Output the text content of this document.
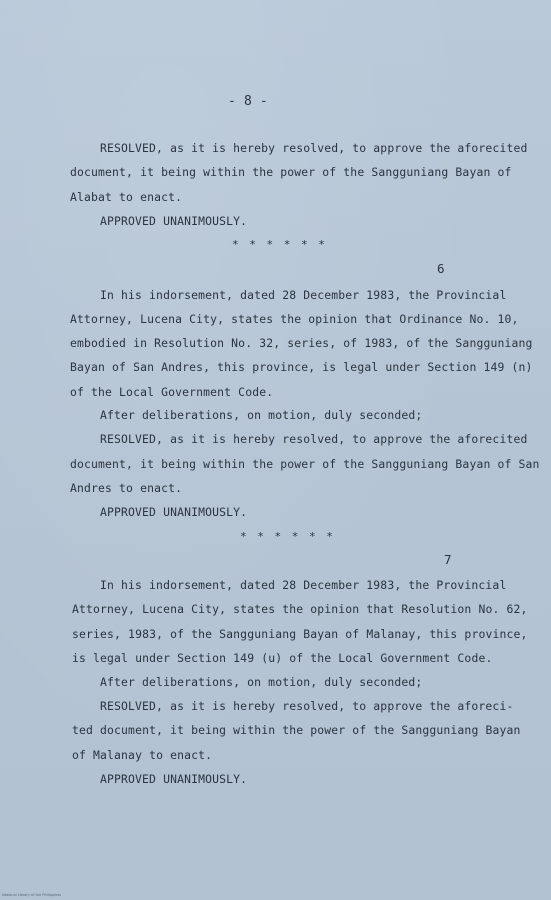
- 8 -
RESOLVED, as it is hereby resolved, to approve the aforecited
document, it being within the power of the Sangguniang Bayan of
Alabat to enact.
APPROVED UNANIMOUSLY.
* * * * * *
6
In his indorsement, dated 28 December 1983, the Provincial
Attorney, Lucena City, states the opinion that Ordinance No. 10,
embodied in Resolution No. 32, series, of 1983, of the Sangguniang
Bayan of San Andres, this province, is legal under Section 149 (n)
of the Local Government Code.
After deliberations, on motion, duly seconded;
RESOLVED, as it is hereby resolved, to approve the aforecited
document, it being within the power of the Sangguniang Bayan of San
Andres to enact.
APPROVED UNANIMOUSLY.
* * * * * *
7
In his indorsement, dated 28 December 1983, the Provincial
Attorney, Lucena City, states the opinion that Resolution No. 62,
series, 1983, of the Sangguniang Bayan of Malanay, this province,
is legal under Section 149 (u) of the Local Government Code.
After deliberations, on motion, duly seconded;
RESOLVED, as it is hereby resolved, to approve the aforeci-
ted document, it being within the power of the Sangguniang Bayan
of Malanay to enact.
APPROVED UNANIMOUSLY.
National Library of the Philippines
